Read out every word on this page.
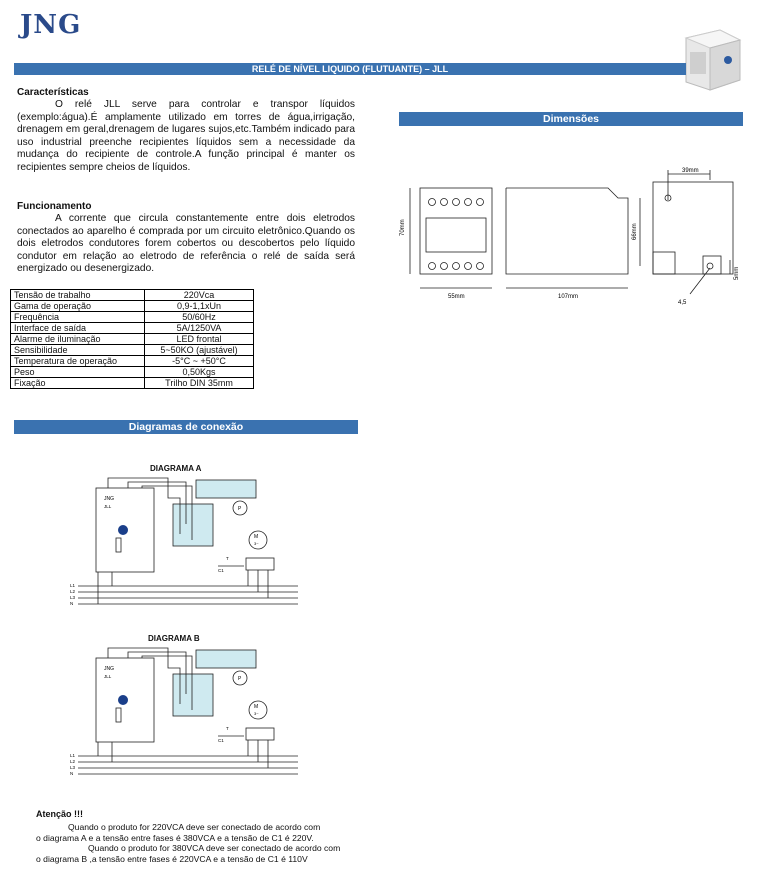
JNG
RELÉ DE NÍVEL LIQUIDO (FLUTUANTE) – JLL
Características
O relé JLL serve para controlar e transpor líquidos (exemplo:água).É amplamente utilizado em torres de água,irrigação, drenagem em geral,drenagem de lugares sujos,etc.Também indicado para uso industrial preenche recipientes líquidos sem a necessidade da mudança do recipiente de controle.A função principal é manter os recipientes sempre cheios de líquidos.
Funcionamento
A corrente que circula constantemente entre dois eletrodos conectados ao aparelho é comprada por um circuito eletrônico.Quando os dois eletrodos condutores forem cobertos ou descobertos pelo líquido condutor em relação ao eletrodo de referência o relé de saída será energizado ou desenergizado.
Tensão de trabalho	220Vca
Gama de operação	0,9-1,1xUn
Frequência	50/60Hz
Interface de saída	5A/1250VA
Alarme de iluminação	LED frontal
Sensibilidade	5~50KO (ajustável)
Temperatura de operação	-5°C ~ +50°C
Peso	0,50Kgs
Fixação	Trilho DIN 35mm
Dimensões
70mm
55mm	107mm
39mm
66mm
5mm
4,5
Diagramas de conexão
DIAGRAMA A
JNG
JLL	P
M
3~
C1
T
L1
L2
L3
N
DIAGRAMA B
JNG
JLL	P
M
3~
C1
T
L1
L2
L3
N
Atenção !!!
Quando o produto for 220VCA deve ser conectado de acordo com
o diagrama A e a tensão entre fases é 380VCA e a tensão de C1 é 220V.
Quando o produto for 380VCA deve ser conectado de acordo com
o diagrama B ,a tensão entre fases é 220VCA e a tensão de C1 é 110V
